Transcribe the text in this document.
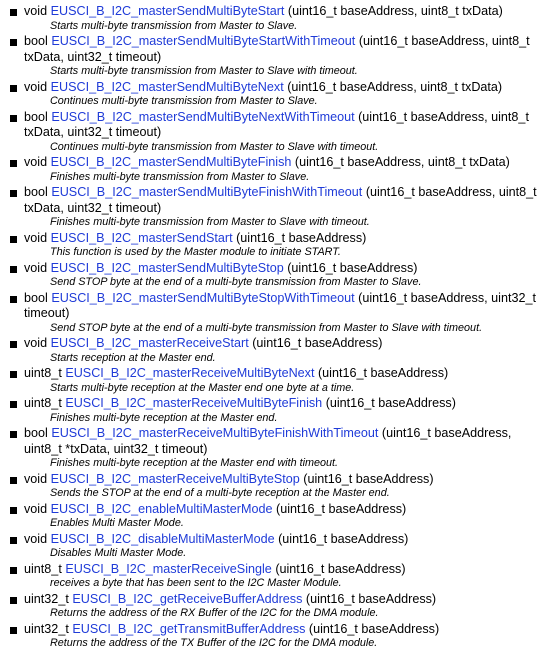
void EUSCI_B_I2C_masterSendMultiByteStart (uint16_t baseAddress, uint8_t txData)
Starts multi-byte transmission from Master to Slave.
bool EUSCI_B_I2C_masterSendMultiByteStartWithTimeout (uint16_t baseAddress, uint8_t txData, uint32_t timeout)
Starts multi-byte transmission from Master to Slave with timeout.
void EUSCI_B_I2C_masterSendMultiByteNext (uint16_t baseAddress, uint8_t txData)
Continues multi-byte transmission from Master to Slave.
bool EUSCI_B_I2C_masterSendMultiByteNextWithTimeout (uint16_t baseAddress, uint8_t txData, uint32_t timeout)
Continues multi-byte transmission from Master to Slave with timeout.
void EUSCI_B_I2C_masterSendMultiByteFinish (uint16_t baseAddress, uint8_t txData)
Finishes multi-byte transmission from Master to Slave.
bool EUSCI_B_I2C_masterSendMultiByteFinishWithTimeout (uint16_t baseAddress, uint8_t txData, uint32_t timeout)
Finishes multi-byte transmission from Master to Slave with timeout.
void EUSCI_B_I2C_masterSendStart (uint16_t baseAddress)
This function is used by the Master module to initiate START.
void EUSCI_B_I2C_masterSendMultiByteStop (uint16_t baseAddress)
Send STOP byte at the end of a multi-byte transmission from Master to Slave.
bool EUSCI_B_I2C_masterSendMultiByteStopWithTimeout (uint16_t baseAddress, uint32_t timeout)
Send STOP byte at the end of a multi-byte transmission from Master to Slave with timeout.
void EUSCI_B_I2C_masterReceiveStart (uint16_t baseAddress)
Starts reception at the Master end.
uint8_t EUSCI_B_I2C_masterReceiveMultiByteNext (uint16_t baseAddress)
Starts multi-byte reception at the Master end one byte at a time.
uint8_t EUSCI_B_I2C_masterReceiveMultiByteFinish (uint16_t baseAddress)
Finishes multi-byte reception at the Master end.
bool EUSCI_B_I2C_masterReceiveMultiByteFinishWithTimeout (uint16_t baseAddress, uint8_t *txData, uint32_t timeout)
Finishes multi-byte reception at the Master end with timeout.
void EUSCI_B_I2C_masterReceiveMultiByteStop (uint16_t baseAddress)
Sends the STOP at the end of a multi-byte reception at the Master end.
void EUSCI_B_I2C_enableMultiMasterMode (uint16_t baseAddress)
Enables Multi Master Mode.
void EUSCI_B_I2C_disableMultiMasterMode (uint16_t baseAddress)
Disables Multi Master Mode.
uint8_t EUSCI_B_I2C_masterReceiveSingle (uint16_t baseAddress)
receives a byte that has been sent to the I2C Master Module.
uint32_t EUSCI_B_I2C_getReceiveBufferAddress (uint16_t baseAddress)
Returns the address of the RX Buffer of the I2C for the DMA module.
uint32_t EUSCI_B_I2C_getTransmitBufferAddress (uint16_t baseAddress)
Returns the address of the TX Buffer of the I2C for the DMA module.
